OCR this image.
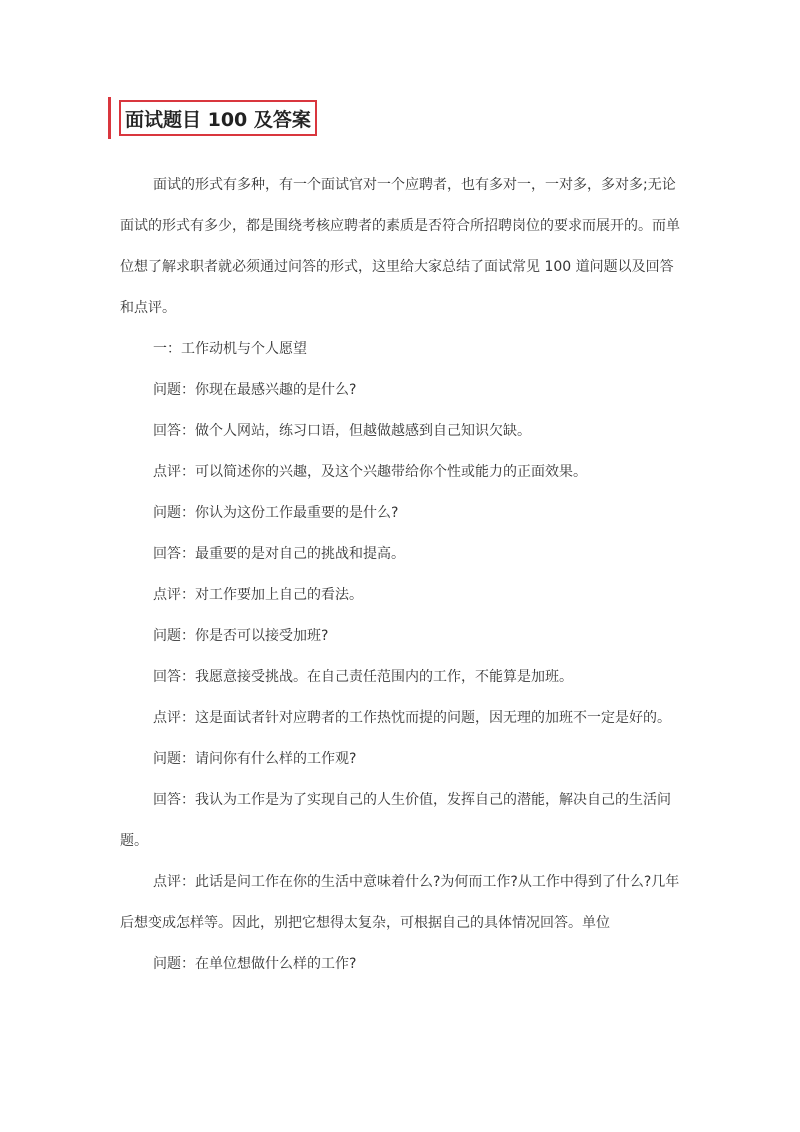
面试题目 100 及答案

面试的形式有多种，有一个面试官对一个应聘者，也有多对一，一对多，多对多;无论面试的形式有多少，都是围绕考核应聘者的素质是否符合所招聘岗位的要求而展开的。而单位想了解求职者就必须通过问答的形式，这里给大家总结了面试常见 100 道问题以及回答和点评。

一：工作动机与个人愿望

问题：你现在最感兴趣的是什么?

回答：做个人网站，练习口语，但越做越感到自己知识欠缺。

点评：可以简述你的兴趣，及这个兴趣带给你个性或能力的正面效果。

问题：你认为这份工作最重要的是什么?

回答：最重要的是对自己的挑战和提高。

点评：对工作要加上自己的看法。

问题：你是否可以接受加班?

回答：我愿意接受挑战。在自己责任范围内的工作，不能算是加班。

点评：这是面试者针对应聘者的工作热忱而提的问题，因无理的加班不一定是好的。

问题：请问你有什么样的工作观?

回答：我认为工作是为了实现自己的人生价值，发挥自己的潜能，解决自己的生活问题。

点评：此话是问工作在你的生活中意味着什么?为何而工作?从工作中得到了什么?几年后想变成怎样等。因此，别把它想得太复杂，可根据自己的具体情况回答。单位

问题：在单位想做什么样的工作?
